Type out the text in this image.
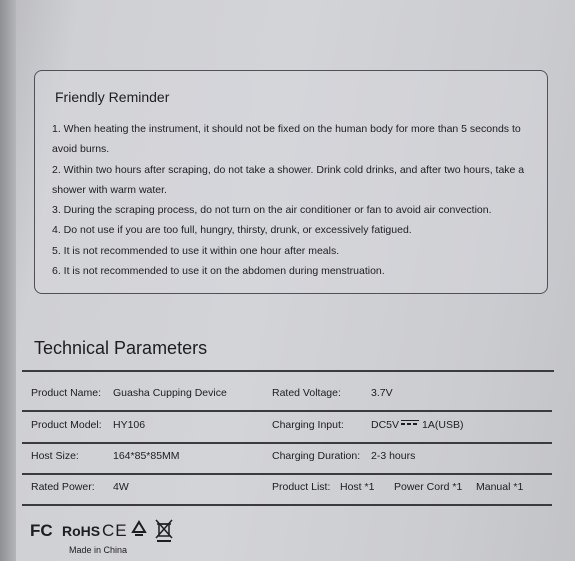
Friendly Reminder
1. When heating the instrument, it should not be fixed on the human body for more than 5 seconds to avoid burns.
2. Within two hours after scraping, do not take a shower. Drink cold drinks, and after two hours, take a shower with warm water.
3. During the scraping process, do not turn on the air conditioner or fan to avoid air convection.
4. Do not use if you are too full, hungry, thirsty, drunk, or excessively fatigued.
5. It is not recommended to use it within one hour after meals.
6. It is not recommended to use it on the abdomen during menstruation.
Technical Parameters
Product Name: Guasha Cupping Device	Rated Voltage:	3.7V
Product Model: HY106	Charging Input:	DC5V 1A(USB)
Host Size:	164*85*85MM	Charging Duration: 2-3 hours
Rated Power: 4W	Product List: Host *1 Power Cord *1 Manual *1
FC RoHS CE
Made in China
